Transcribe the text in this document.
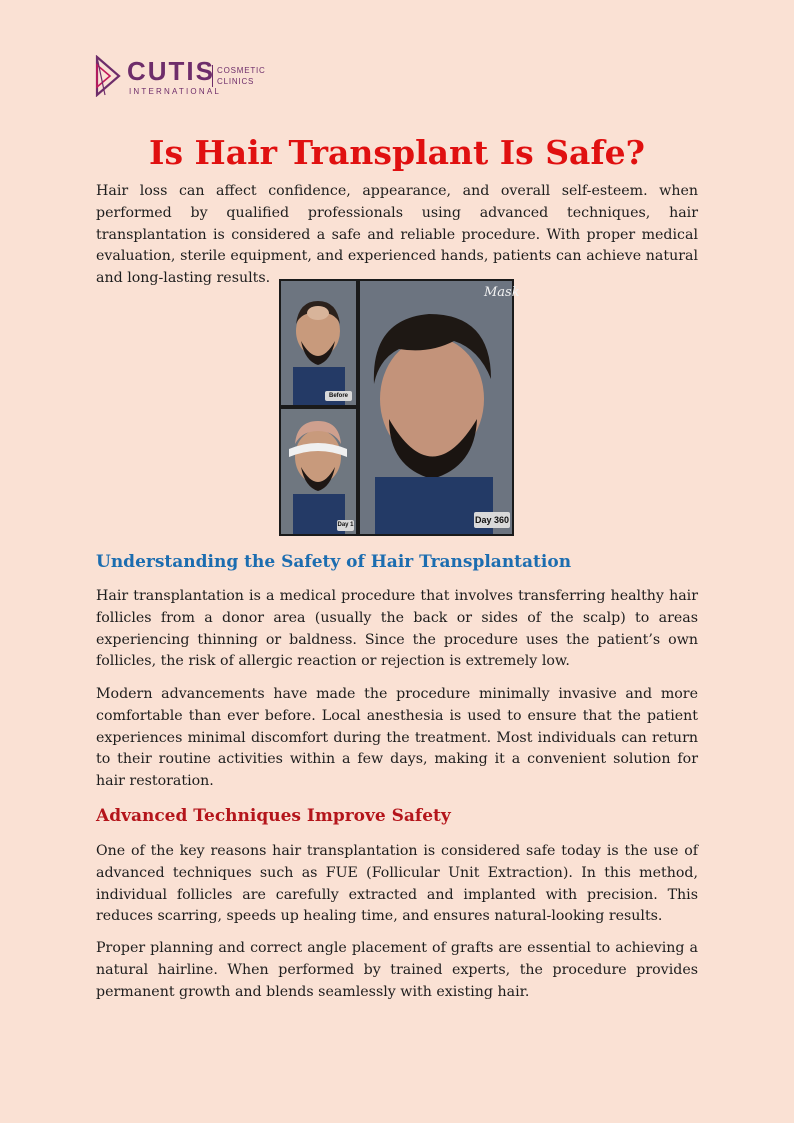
CUTIS
INTERNATIONAL
COSMETIC
CLINICS
Is Hair Transplant Is Safe?

Hair loss can affect confidence, appearance, and overall self-esteem. when performed by qualified professionals using advanced techniques, hair transplantation is considered a safe and reliable procedure. With proper medical evaluation, sterile equipment, and experienced hands, patients can achieve natural and long-lasting results.

Before
Day 1	Day 360
Mask
Understanding the Safety of Hair Transplantation

Hair transplantation is a medical procedure that involves transferring healthy hair follicles from a donor area (usually the back or sides of the scalp) to areas experiencing thinning or baldness. Since the procedure uses the patient’s own follicles, the risk of allergic reaction or rejection is extremely low.

Modern advancements have made the procedure minimally invasive and more comfortable than ever before. Local anesthesia is used to ensure that the patient experiences minimal discomfort during the treatment. Most individuals can return to their routine activities within a few days, making it a convenient solution for hair restoration.

Advanced Techniques Improve Safety

One of the key reasons hair transplantation is considered safe today is the use of advanced techniques such as FUE (Follicular Unit Extraction). In this method, individual follicles are carefully extracted and implanted with precision. This reduces scarring, speeds up healing time, and ensures natural-looking results.

Proper planning and correct angle placement of grafts are essential to achieving a natural hairline. When performed by trained experts, the procedure provides permanent growth and blends seamlessly with existing hair.
